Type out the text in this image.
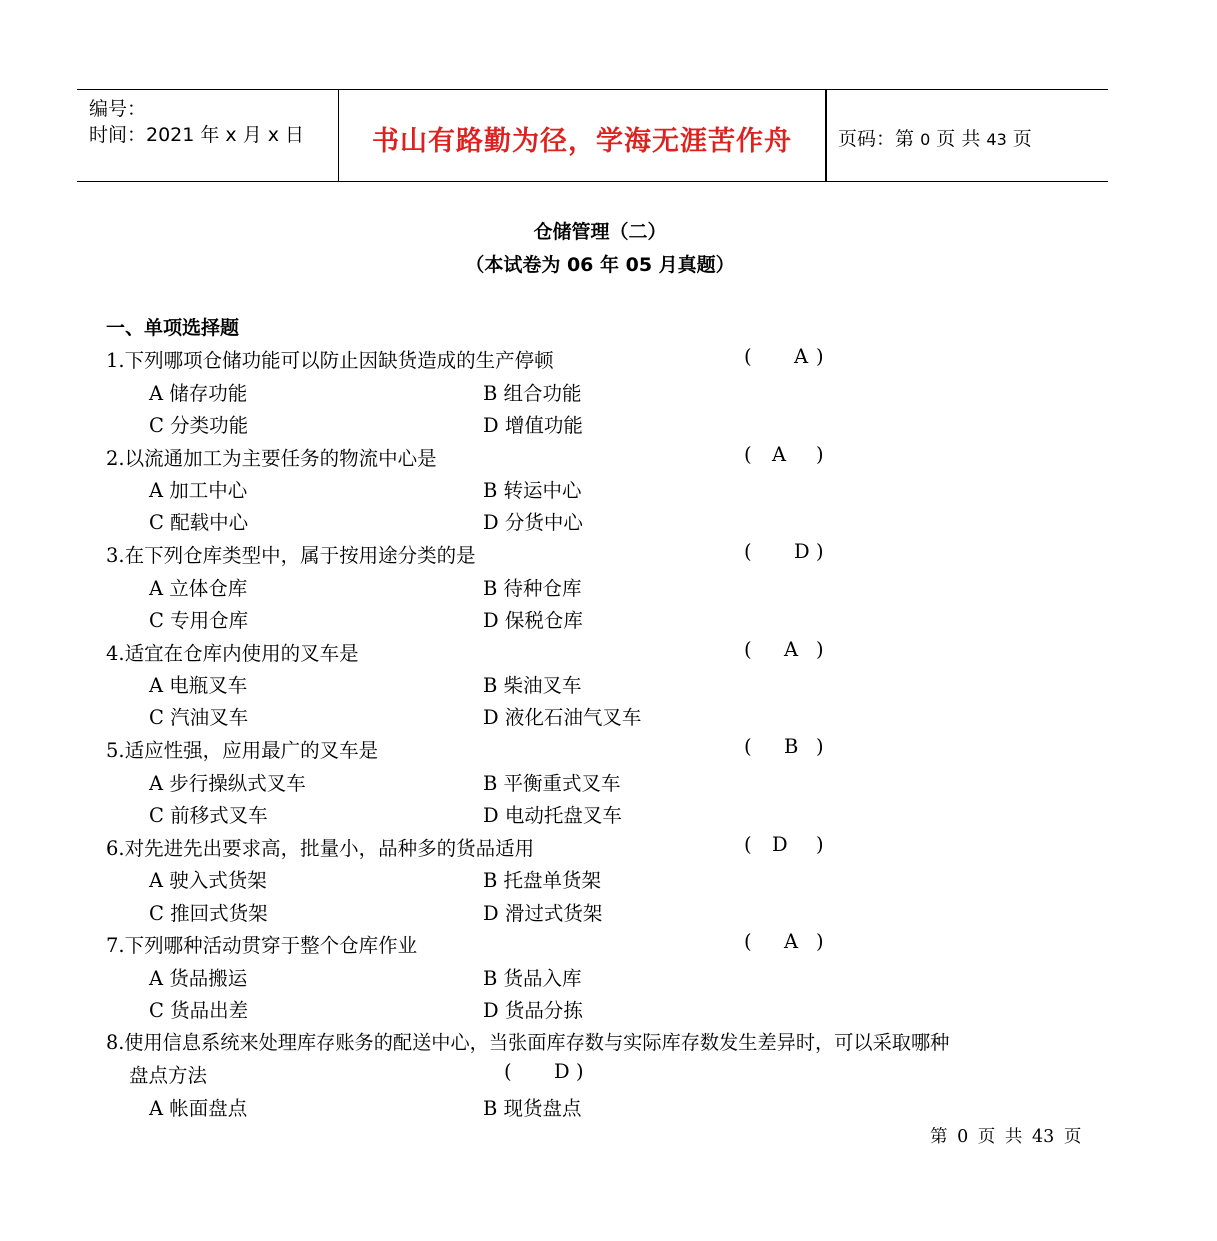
编号：
时间：2021 年 x 月 x 日	书山有路勤为径，学海无涯苦作舟	页码：第 0 页 共 43 页
仓储管理（二）
（本试卷为 06 年 05 月真题）
一、单项选择题
1.下列哪项仓储功能可以防止因缺货造成的生产停顿	( A )
A 储存功能	B 组合功能
C 分类功能	D 增值功能
2.以流通加工为主要任务的物流中心是	( A )
A 加工中心	B 转运中心
C 配载中心	D 分货中心
3.在下列仓库类型中，属于按用途分类的是	( D )
A 立体仓库	B 待种仓库
C 专用仓库	D 保税仓库
4.适宜在仓库内使用的叉车是	( A )
A 电瓶叉车	B 柴油叉车
C 汽油叉车	D 液化石油气叉车
5.适应性强，应用最广的叉车是	( B )
A 步行操纵式叉车	B 平衡重式叉车
C 前移式叉车	D 电动托盘叉车
6.对先进先出要求高，批量小，品种多的货品适用	( D )
A 驶入式货架	B 托盘单货架
C 推回式货架	D 滑过式货架
7.下列哪种活动贯穿于整个仓库作业	( A )
A 货品搬运	B 货品入库
C 货品出差	D 货品分拣
8.使用信息系统来处理库存账务的配送中心，当张面库存数与实际库存数发生差异时，可以采取哪种
盘点方法	( D )
A 帐面盘点	B 现货盘点
第 0 页 共 43 页
